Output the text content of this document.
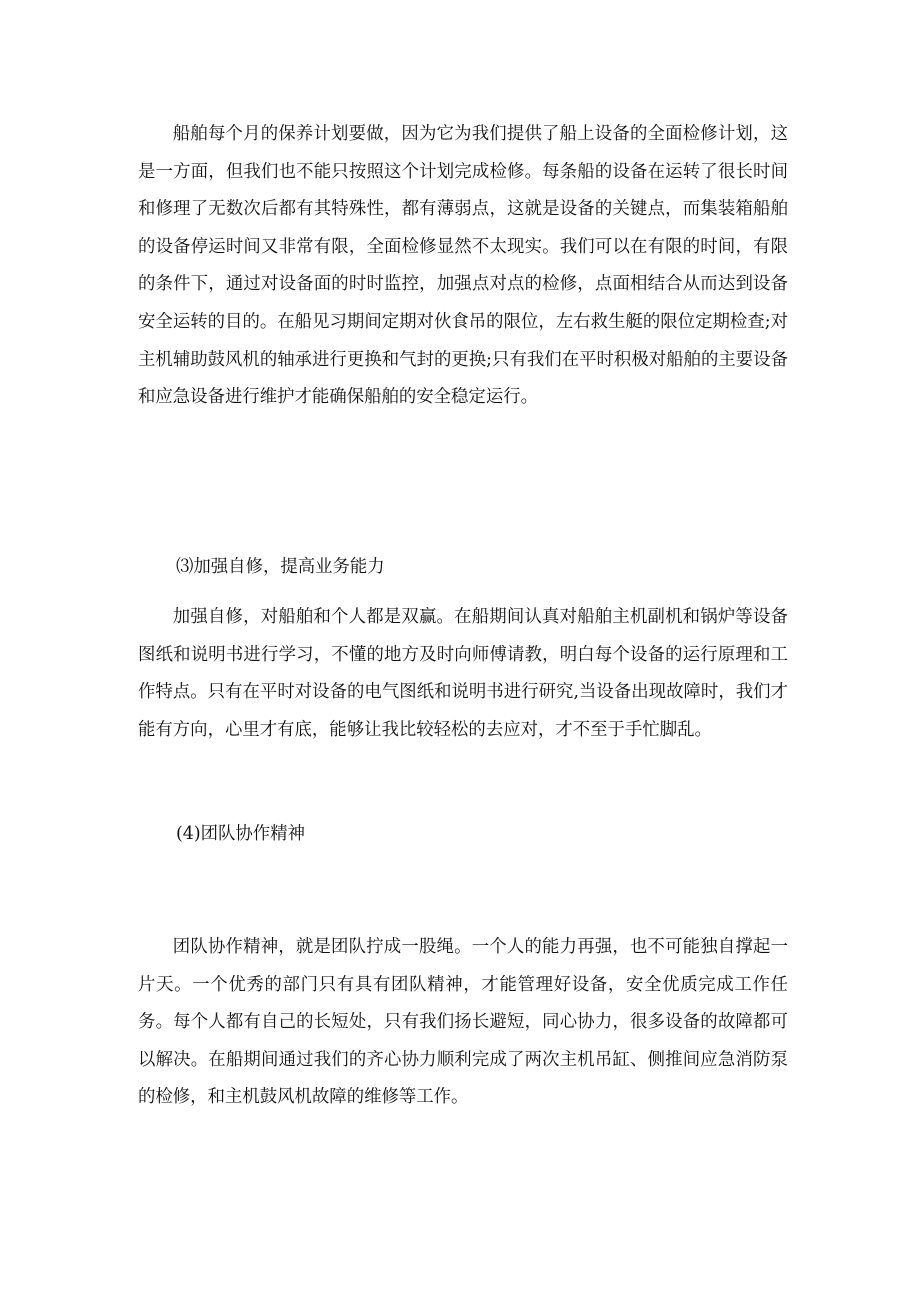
船舶每个月的保养计划要做，因为它为我们提供了船上设备的全面检修计划，这是一方面，但我们也不能只按照这个计划完成检修。每条船的设备在运转了很长时间和修理了无数次后都有其特殊性，都有薄弱点，这就是设备的关键点，而集装箱船舶的设备停运时间又非常有限，全面检修显然不太现实。我们可以在有限的时间，有限的条件下，通过对设备面的时时监控，加强点对点的检修，点面相结合从而达到设备安全运转的目的。在船见习期间定期对伙食吊的限位，左右救生艇的限位定期检查;对主机辅助鼓风机的轴承进行更换和气封的更换;只有我们在平时积极对船舶的主要设备和应急设备进行维护才能确保船舶的安全稳定运行。

⑶加强自修，提高业务能力

加强自修，对船舶和个人都是双赢。在船期间认真对船舶主机副机和锅炉等设备图纸和说明书进行学习，不懂的地方及时向师傅请教，明白每个设备的运行原理和工作特点。只有在平时对设备的电气图纸和说明书进行研究,当设备出现故障时，我们才能有方向，心里才有底，能够让我比较轻松的去应对，才不至于手忙脚乱。

(4)团队协作精神

团队协作精神，就是团队拧成一股绳。一个人的能力再强，也不可能独自撑起一片天。一个优秀的部门只有具有团队精神，才能管理好设备，安全优质完成工作任务。每个人都有自己的长短处，只有我们扬长避短，同心协力，很多设备的故障都可以解决。在船期间通过我们的齐心协力顺利完成了两次主机吊缸、侧推间应急消防泵的检修，和主机鼓风机故障的维修等工作。
